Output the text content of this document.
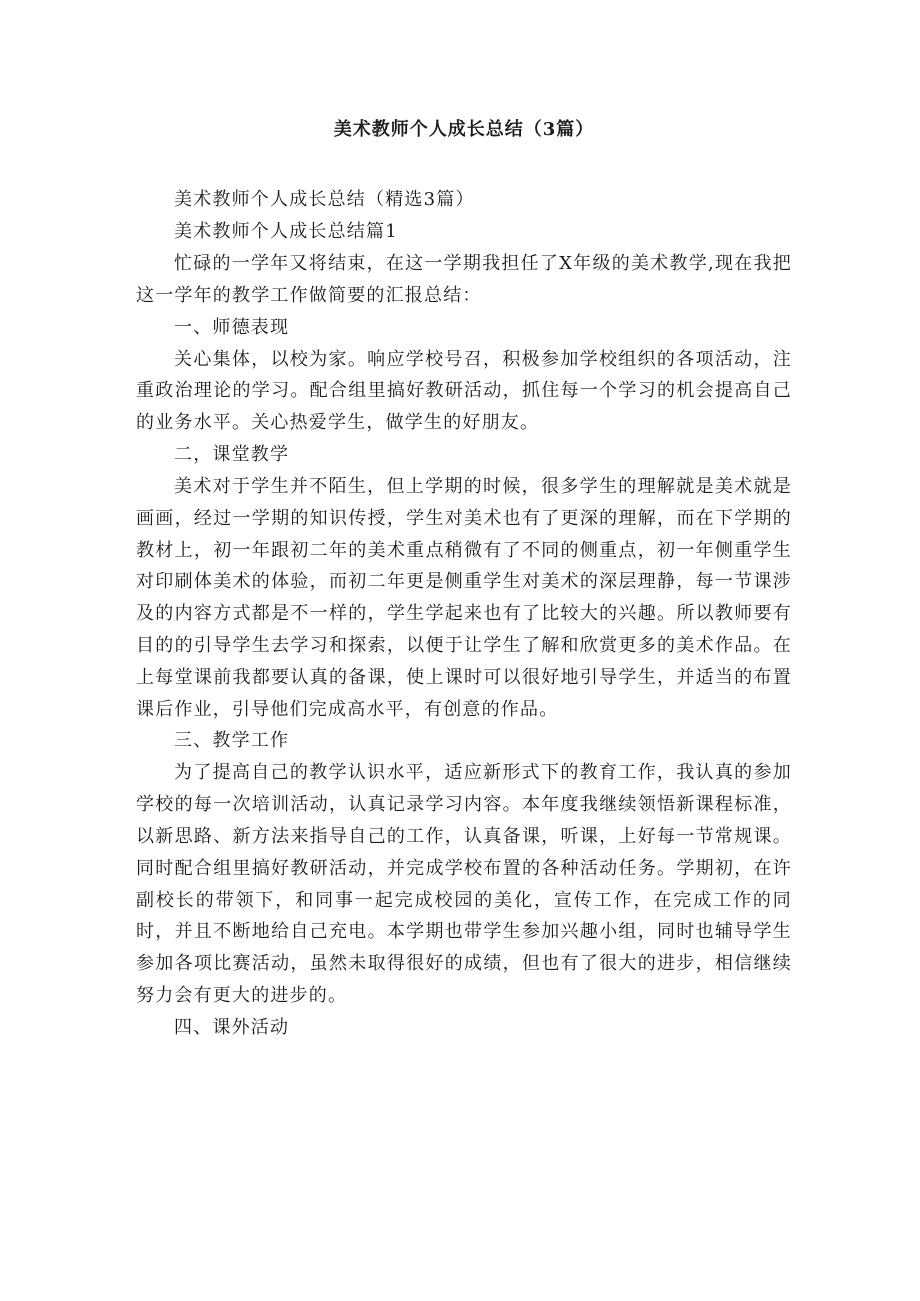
美术教师个人成长总结（3篇）

美术教师个人成长总结（精选3篇）

美术教师个人成长总结篇1

忙碌的一学年又将结束，在这一学期我担任了X年级的美术教学,现在我把这一学年的教学工作做简要的汇报总结：

一、师德表现

关心集体，以校为家。响应学校号召，积极参加学校组织的各项活动，注重政治理论的学习。配合组里搞好教研活动，抓住每一个学习的机会提高自己的业务水平。关心热爱学生，做学生的好朋友。

二，课堂教学

美术对于学生并不陌生，但上学期的时候，很多学生的理解就是美术就是画画，经过一学期的知识传授，学生对美术也有了更深的理解，而在下学期的教材上，初一年跟初二年的美术重点稍微有了不同的侧重点，初一年侧重学生对印刷体美术的体验，而初二年更是侧重学生对美术的深层理静，每一节课涉及的内容方式都是不一样的，学生学起来也有了比较大的兴趣。所以教师要有目的的引导学生去学习和探索，以便于让学生了解和欣赏更多的美术作品。在上每堂课前我都要认真的备课，使上课时可以很好地引导学生，并适当的布置课后作业，引导他们完成高水平，有创意的作品。

三、教学工作

为了提高自己的教学认识水平，适应新形式下的教育工作，我认真的参加学校的每一次培训活动，认真记录学习内容。本年度我继续领悟新课程标准，以新思路、新方法来指导自己的工作，认真备课，听课，上好每一节常规课。同时配合组里搞好教研活动，并完成学校布置的各种活动任务。学期初，在许副校长的带领下，和同事一起完成校园的美化，宣传工作，在完成工作的同时，并且不断地给自己充电。本学期也带学生参加兴趣小组，同时也辅导学生参加各项比赛活动，虽然未取得很好的成绩，但也有了很大的进步，相信继续努力会有更大的进步的。

四、课外活动
